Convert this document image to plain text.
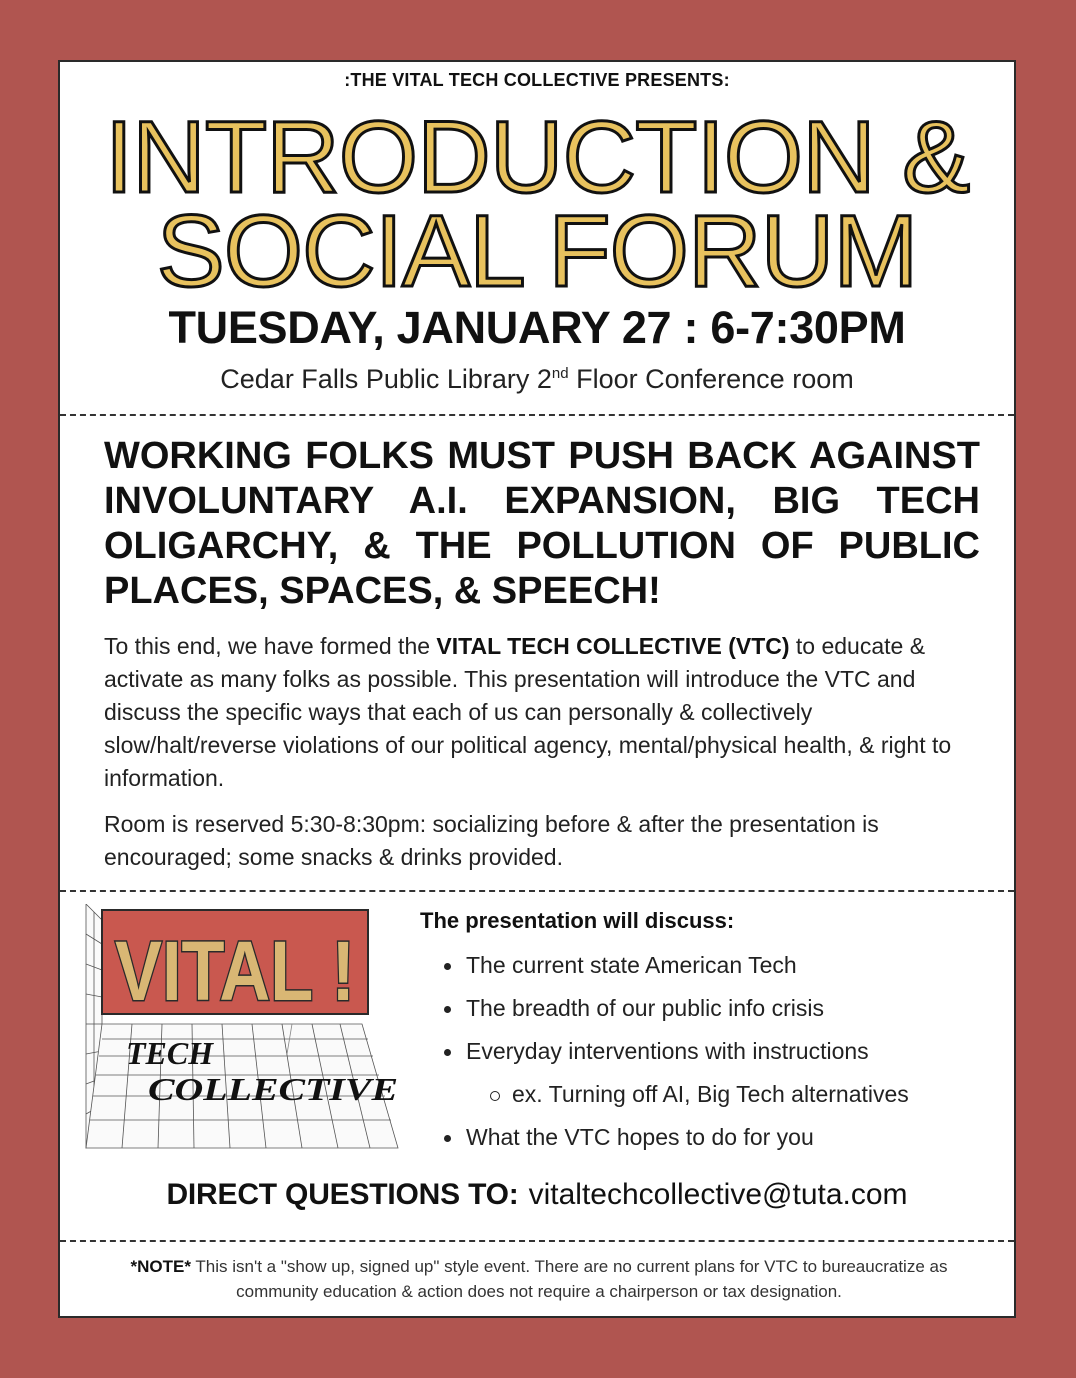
:THE VITAL TECH COLLECTIVE PRESENTS:
INTRODUCTION &
SOCIAL FORUM
TUESDAY, JANUARY 27 : 6-7:30PM
Cedar Falls Public Library 2nd Floor Conference room
WORKING FOLKS MUST PUSH BACK AGAINST INVOLUNTARY A.I. EXPANSION, BIG TECH OLIGARCHY, & THE POLLUTION OF PUBLIC PLACES, SPACES, & SPEECH!
To this end, we have formed the VITAL TECH COLLECTIVE (VTC) to educate & activate as many folks as possible. This presentation will introduce the VTC and discuss the specific ways that each of us can personally & collectively slow/halt/reverse violations of our political agency, mental/physical health, & right to information.
Room is reserved 5:30-8:30pm: socializing before & after the presentation is encouraged; some snacks & drinks provided.
VITAL !
TECH
COLLECTIVE
The presentation will discuss:
The current state American Tech
The breadth of our public info crisis
Everyday interventions with instructions
ex. Turning off AI, Big Tech alternatives
What the VTC hopes to do for you
DIRECT QUESTIONS TO: vitaltechcollective@tuta.com
*NOTE* This isn't a "show up, signed up" style event. There are no current plans for VTC to bureaucratize as community education & action does not require a chairperson or tax designation.
